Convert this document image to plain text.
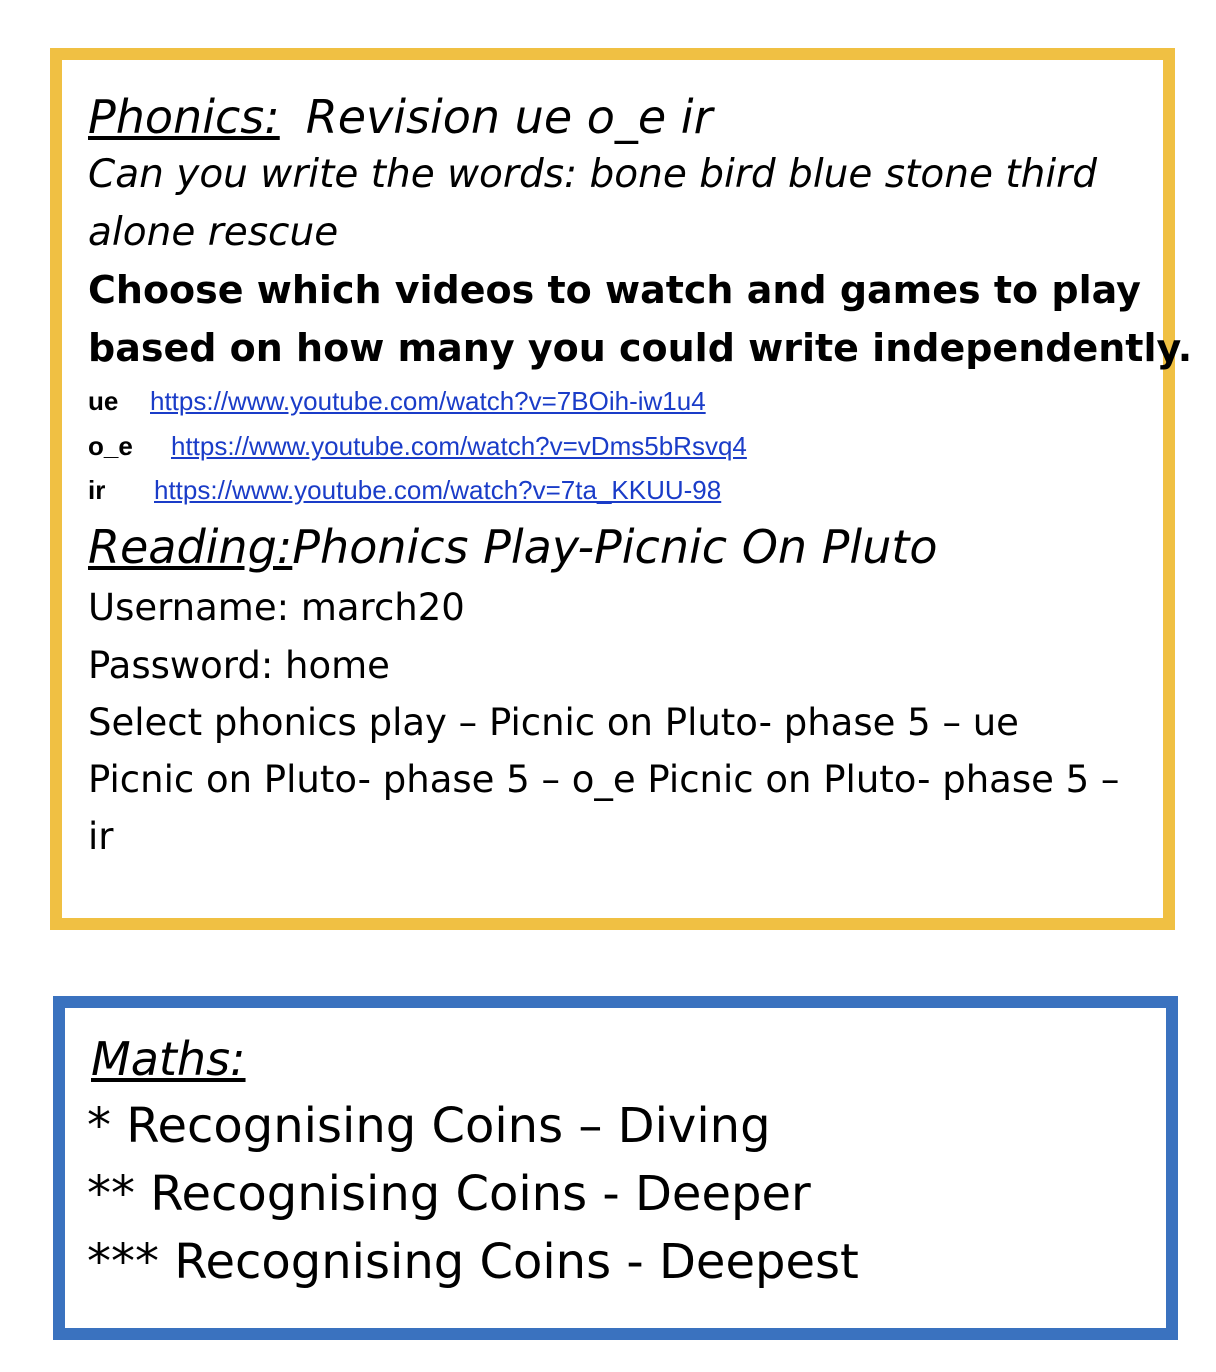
Phonics: Revision ue o_e ir
Can you write the words: bone bird blue stone third
alone rescue
Choose which videos to watch and games to play
based on how many you could write independently.
ue https://www.youtube.com/watch?v=7BOih-iw1u4
o_e https://www.youtube.com/watch?v=vDms5bRsvq4
ir https://www.youtube.com/watch?v=7ta_KKUU-98
Reading:Phonics Play-Picnic On Pluto
Username: march20
Password: home
Select phonics play – Picnic on Pluto- phase 5 – ue
Picnic on Pluto- phase 5 – o_e Picnic on Pluto- phase 5 –
ir
Maths:
* Recognising Coins – Diving
** Recognising Coins - Deeper
*** Recognising Coins - Deepest
